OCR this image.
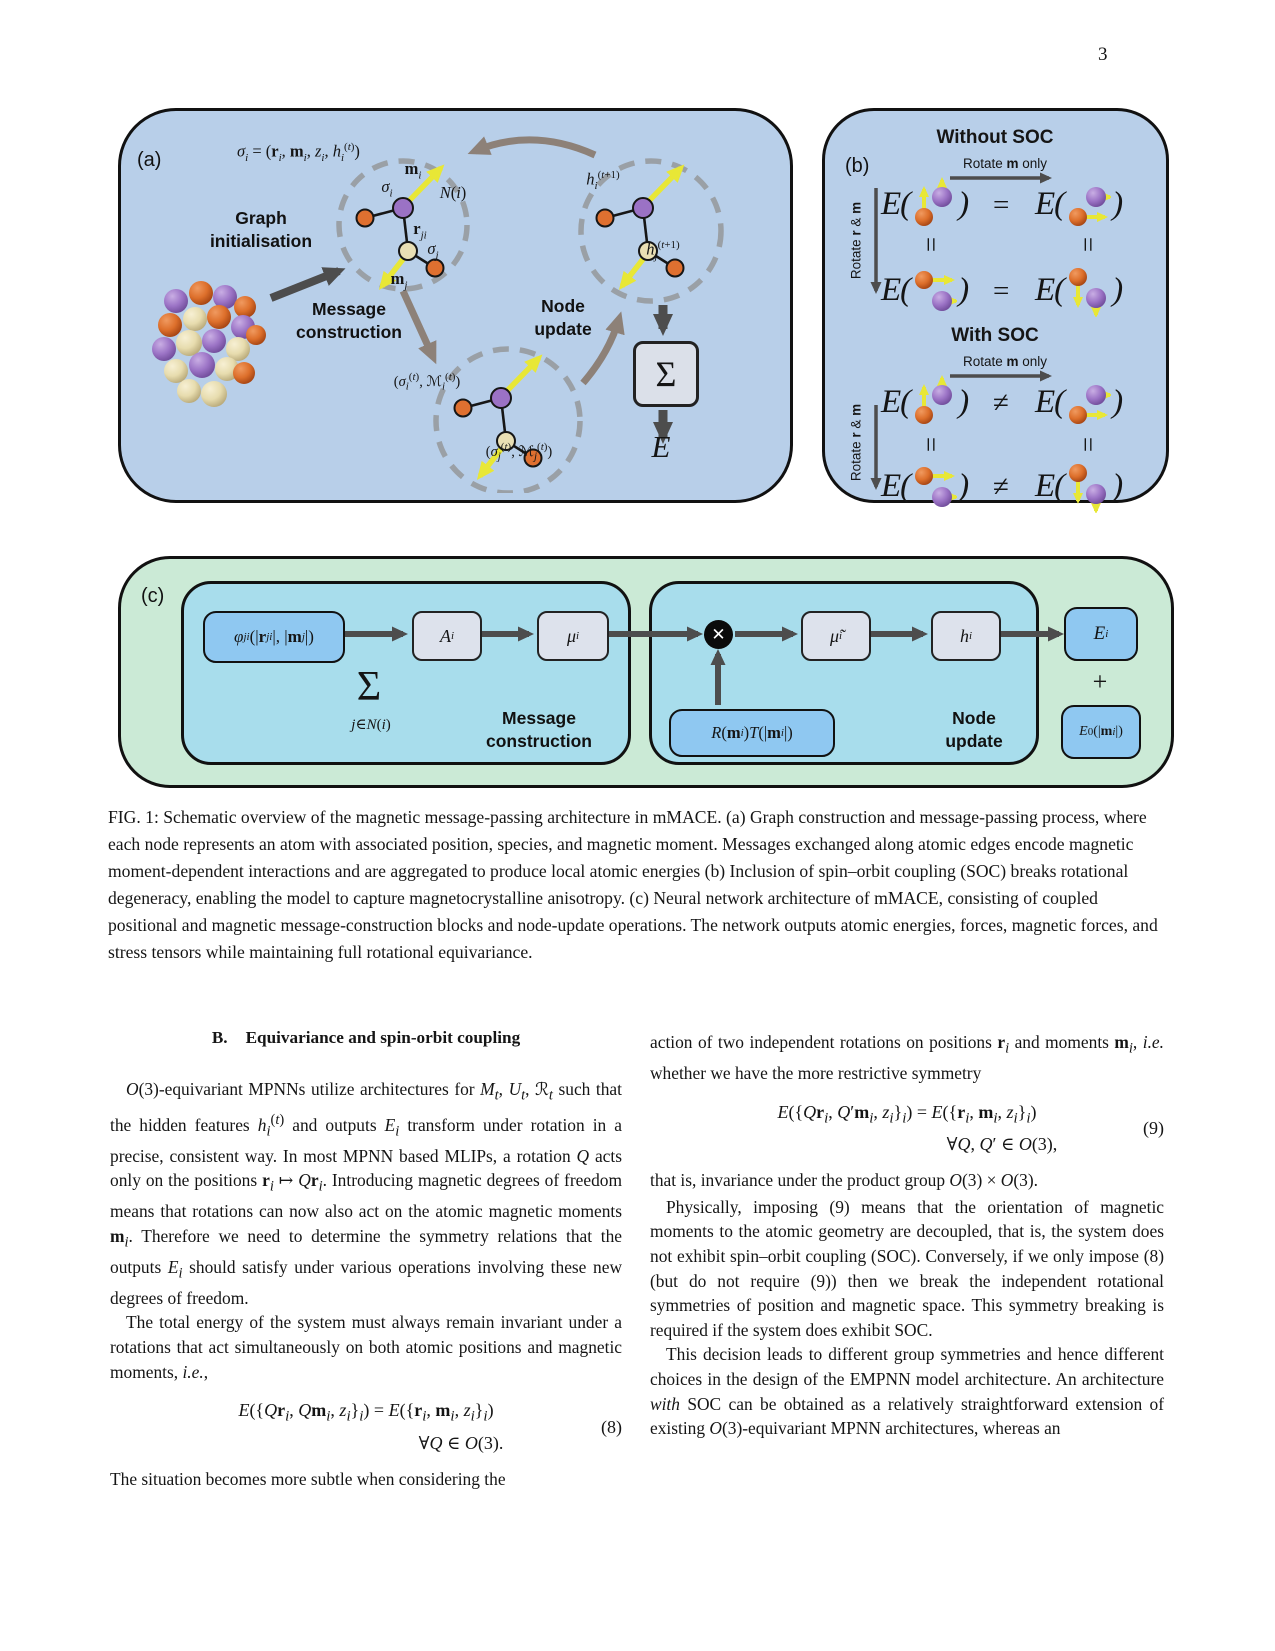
3
(a)	$\sigma_i = (r_i$, $m_i$, $z_i$, $h_i^{(t)}$)
Graph
initialisation
Message
construction
Node
update
$m_i$
$\sigma_i$	N(i)
$r_{ji}$
$\sigma_j$
$m_j$
($\sigma_i^{(t)}$, ℳ$_i^{(t)}$)
($\sigma_j^{(t)}$, ℳ$_j^{(t)}$)
$h_i^{(t+1)}$
$h_j^{(t+1)}$
Σ
E
(b)
Without SOC
Rotate m only
Rotate r & m
With SOC
Rotate m only
Rotate r & m
E( ) = E( )
=	=
E( ) = E( )
E( ) ≠ E( )
=	=
E( ) ≠ E( )
(c)
φ ji (| r ji |, | m j |)
Σ
j∈N(i)
A i	μ i
Message
construction
✕
R ( m i ) T (| m i |)
μ̃ i	h i
Node
update
E i
+
E 0 (| m i |)
FIG. 1: Schematic overview of the magnetic message-passing architecture in mMACE. (a) Graph construction and message-passing process, where each node represents an atom with associated position, species, and magnetic moment. Messages exchanged along atomic edges encode magnetic moment-dependent interactions and are aggregated to produce local atomic energies (b) Inclusion of spin–orbit coupling (SOC) breaks rotational degeneracy, enabling the model to capture magnetocrystalline anisotropy. (c) Neural network architecture of mMACE, consisting of coupled positional and magnetic message-construction blocks and node-update operations. The network outputs atomic energies, forces, magnetic forces, and stress tensors while maintaining full rotational equivariance.
B. Equivariance and spin-orbit coupling

O(3)-equivariant MPNNs utilize architectures for $M_t$, $U_t$, ℛ$_t$ such that the hidden features $h_i^{(t)}$ and outputs $E_i$ transform under rotation in a precise, consistent way. In most MPNN based MLIPs, a rotation Q acts only on the positions $r_i$ ↦ $Qr_i$. Introducing magnetic degrees of freedom means that rotations can now also act on the atomic magnetic moments $m_i$. Therefore we need to determine the symmetry relations that the outputs $E_i$ should satisfy under various operations involving these new degrees of freedom.

The total energy of the system must always remain invariant under a rotations that act simultaneously on both atomic positions and magnetic moments, i.e.,

$E(\{Qr_i$, $Qm_i$, $z_i\}_i) = E(\{r_i$, $m_i$, $z_i\}_i$)
∀Q ∈ O(3).
(8)

The situation becomes more subtle when considering the

action of two independent rotations on positions $r_i$ and moments $m_i$, i.e. whether we have the more restrictive symmetry

$E(\{Qr_i$, $Q'm_i$, $z_i\}_i) = E(\{r_i$, $m_i$, $z_i\}_i$)
∀Q, Q′ ∈ O(3),
(9)

that is, invariance under the product group O(3) × O(3).

Physically, imposing (9) means that the orientation of magnetic moments to the atomic geometry are decoupled, that is, the system does not exhibit spin–orbit coupling (SOC). Conversely, if we only impose (8) (but do not require (9)) then we break the independent rotational symmetries of position and magnetic space. This symmetry breaking is required if the system does exhibit SOC.

This decision leads to different group symmetries and hence different choices in the design of the EMPNN model architecture. An architecture with SOC can be obtained as a relatively straightforward extension of existing O(3)-equivariant MPNN architectures, whereas an
